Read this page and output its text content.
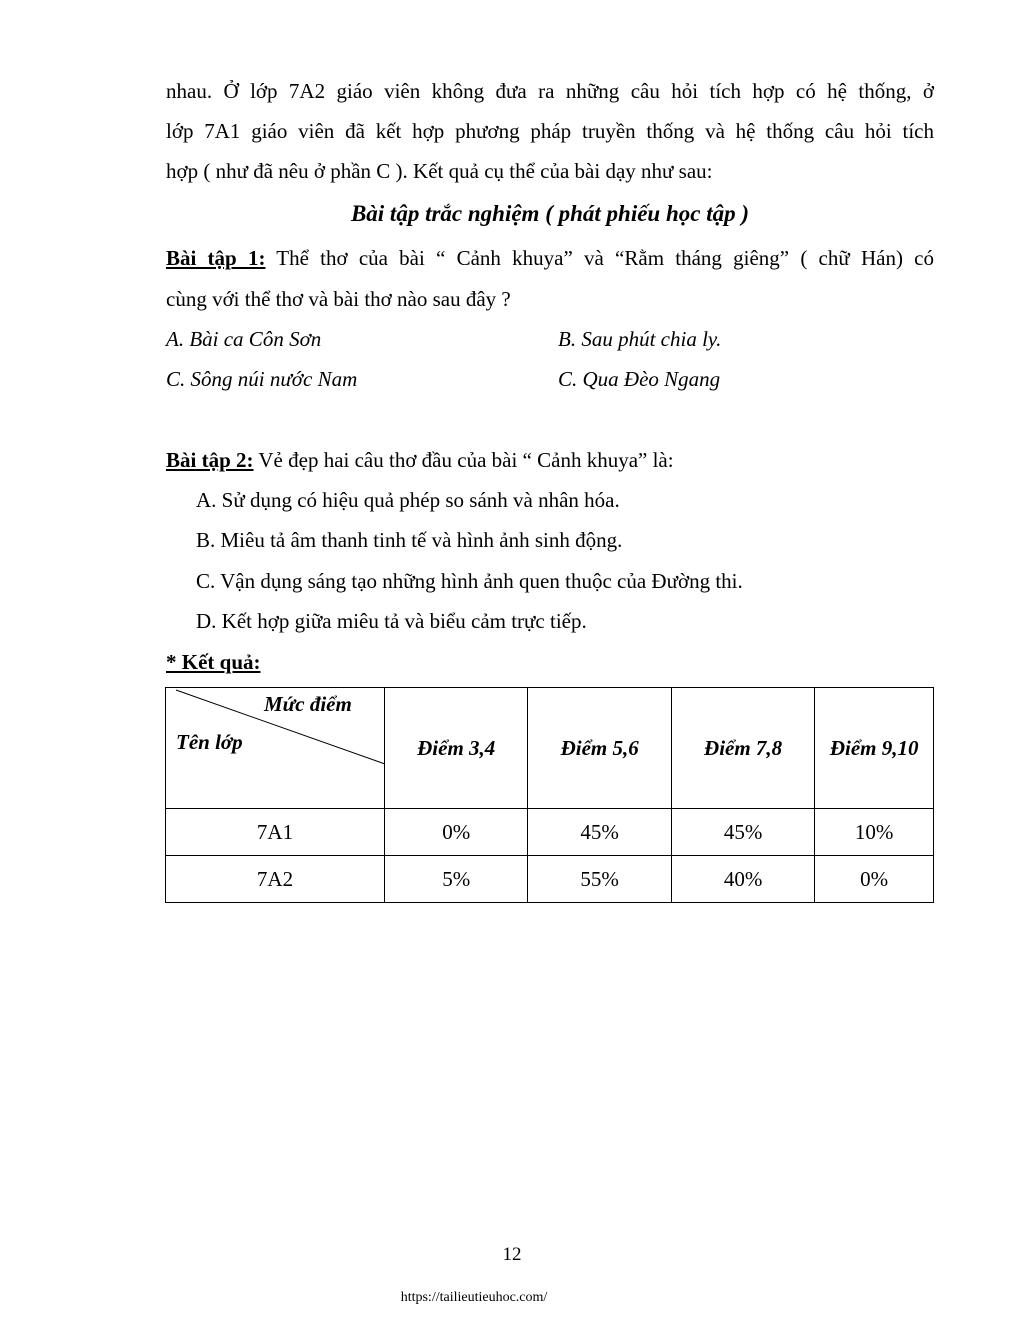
nhau. Ở lớp 7A2 giáo viên không đưa ra những câu hỏi tích hợp có hệ thống, ở
lớp 7A1 giáo viên đã kết hợp phương pháp truyền thống và hệ thống câu hỏi tích
hợp ( như đã nêu ở phần C ). Kết quả cụ thể của bài dạy như sau:
Bài tập trắc nghiệm ( phát phiếu học tập )
Bài tập 1: Thể thơ của bài “ Cảnh khuya” và “Rằm tháng giêng” ( chữ Hán) có
cùng với thể thơ và bài thơ nào sau đây ?
A. Bài ca Côn Sơn	B. Sau phút chia ly.
C. Sông núi nước Nam	C. Qua Đèo Ngang
Bài tập 2: Vẻ đẹp hai câu thơ đầu của bài “ Cảnh khuya” là:
A. Sử dụng có hiệu quả phép so sánh và nhân hóa.
B. Miêu tả âm thanh tinh tế và hình ảnh sinh động.
C. Vận dụng sáng tạo những hình ảnh quen thuộc của Đường thi.
D. Kết hợp giữa miêu tả và biểu cảm trực tiếp.
* Kết quả:
Mức điểm
Tên lớp	Điểm 3,4	Điểm 5,6	Điểm 7,8	Điểm 9,10
7A1	0%	45%	45%	10%
7A2	5%	55%	40%	0%
12
https://tailieutieuhoc.com/
